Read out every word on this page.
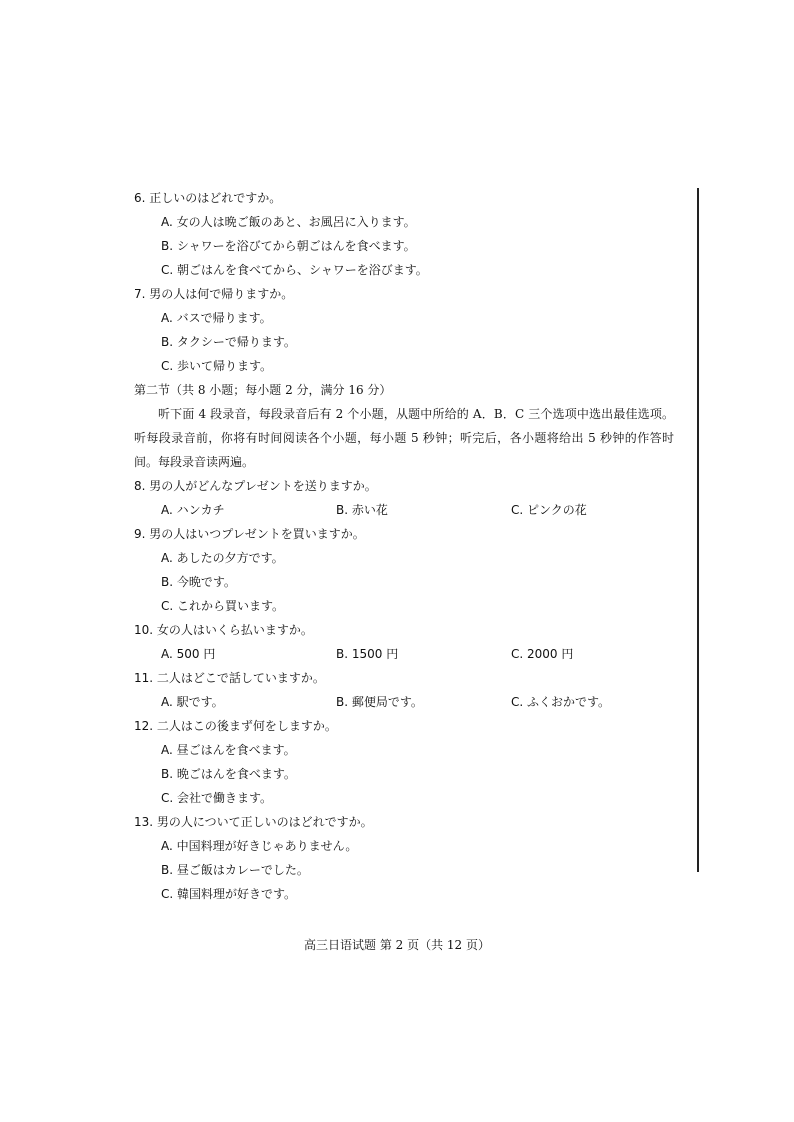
6. 正しいのはどれですか。
A. 女の人は晩ご飯のあと、お風呂に入ります。
B. シャワーを浴びてから朝ごはんを食べます。
C. 朝ごはんを食べてから、シャワーを浴びます。
7. 男の人は何で帰りますか。
A. バスで帰ります。
B. タクシーで帰ります。
C. 歩いて帰ります。
第二节（共 8 小题；每小题 2 分，满分 16 分）
听下面 4 段录音，每段录音后有 2 个小题，从题中所给的 A．B．C 三个选项中选出最佳选项。听每段录音前，你将有时间阅读各个小题，每小题 5 秒钟；听完后，各小题将给出 5 秒钟的作答时间。每段录音读两遍。
8. 男の人がどんなプレゼントを送りますか。
A. ハンカチ	B. 赤い花	C. ピンクの花
9. 男の人はいつプレゼントを買いますか。
A. あしたの夕方です。
B. 今晩です。
C. これから買います。
10. 女の人はいくら払いますか。
A. 500 円	B. 1500 円	C. 2000 円
11. 二人はどこで話していますか。
A. 駅です。	B. 郵便局です。	C. ふくおかです。
12. 二人はこの後まず何をしますか。
A. 昼ごはんを食べます。
B. 晩ごはんを食べます。
C. 会社で働きます。
13. 男の人について正しいのはどれですか。
A. 中国料理が好きじゃありません。
B. 昼ご飯はカレーでした。
C. 韓国料理が好きです。
高三日语试题 第 2 页（共 12 页）
